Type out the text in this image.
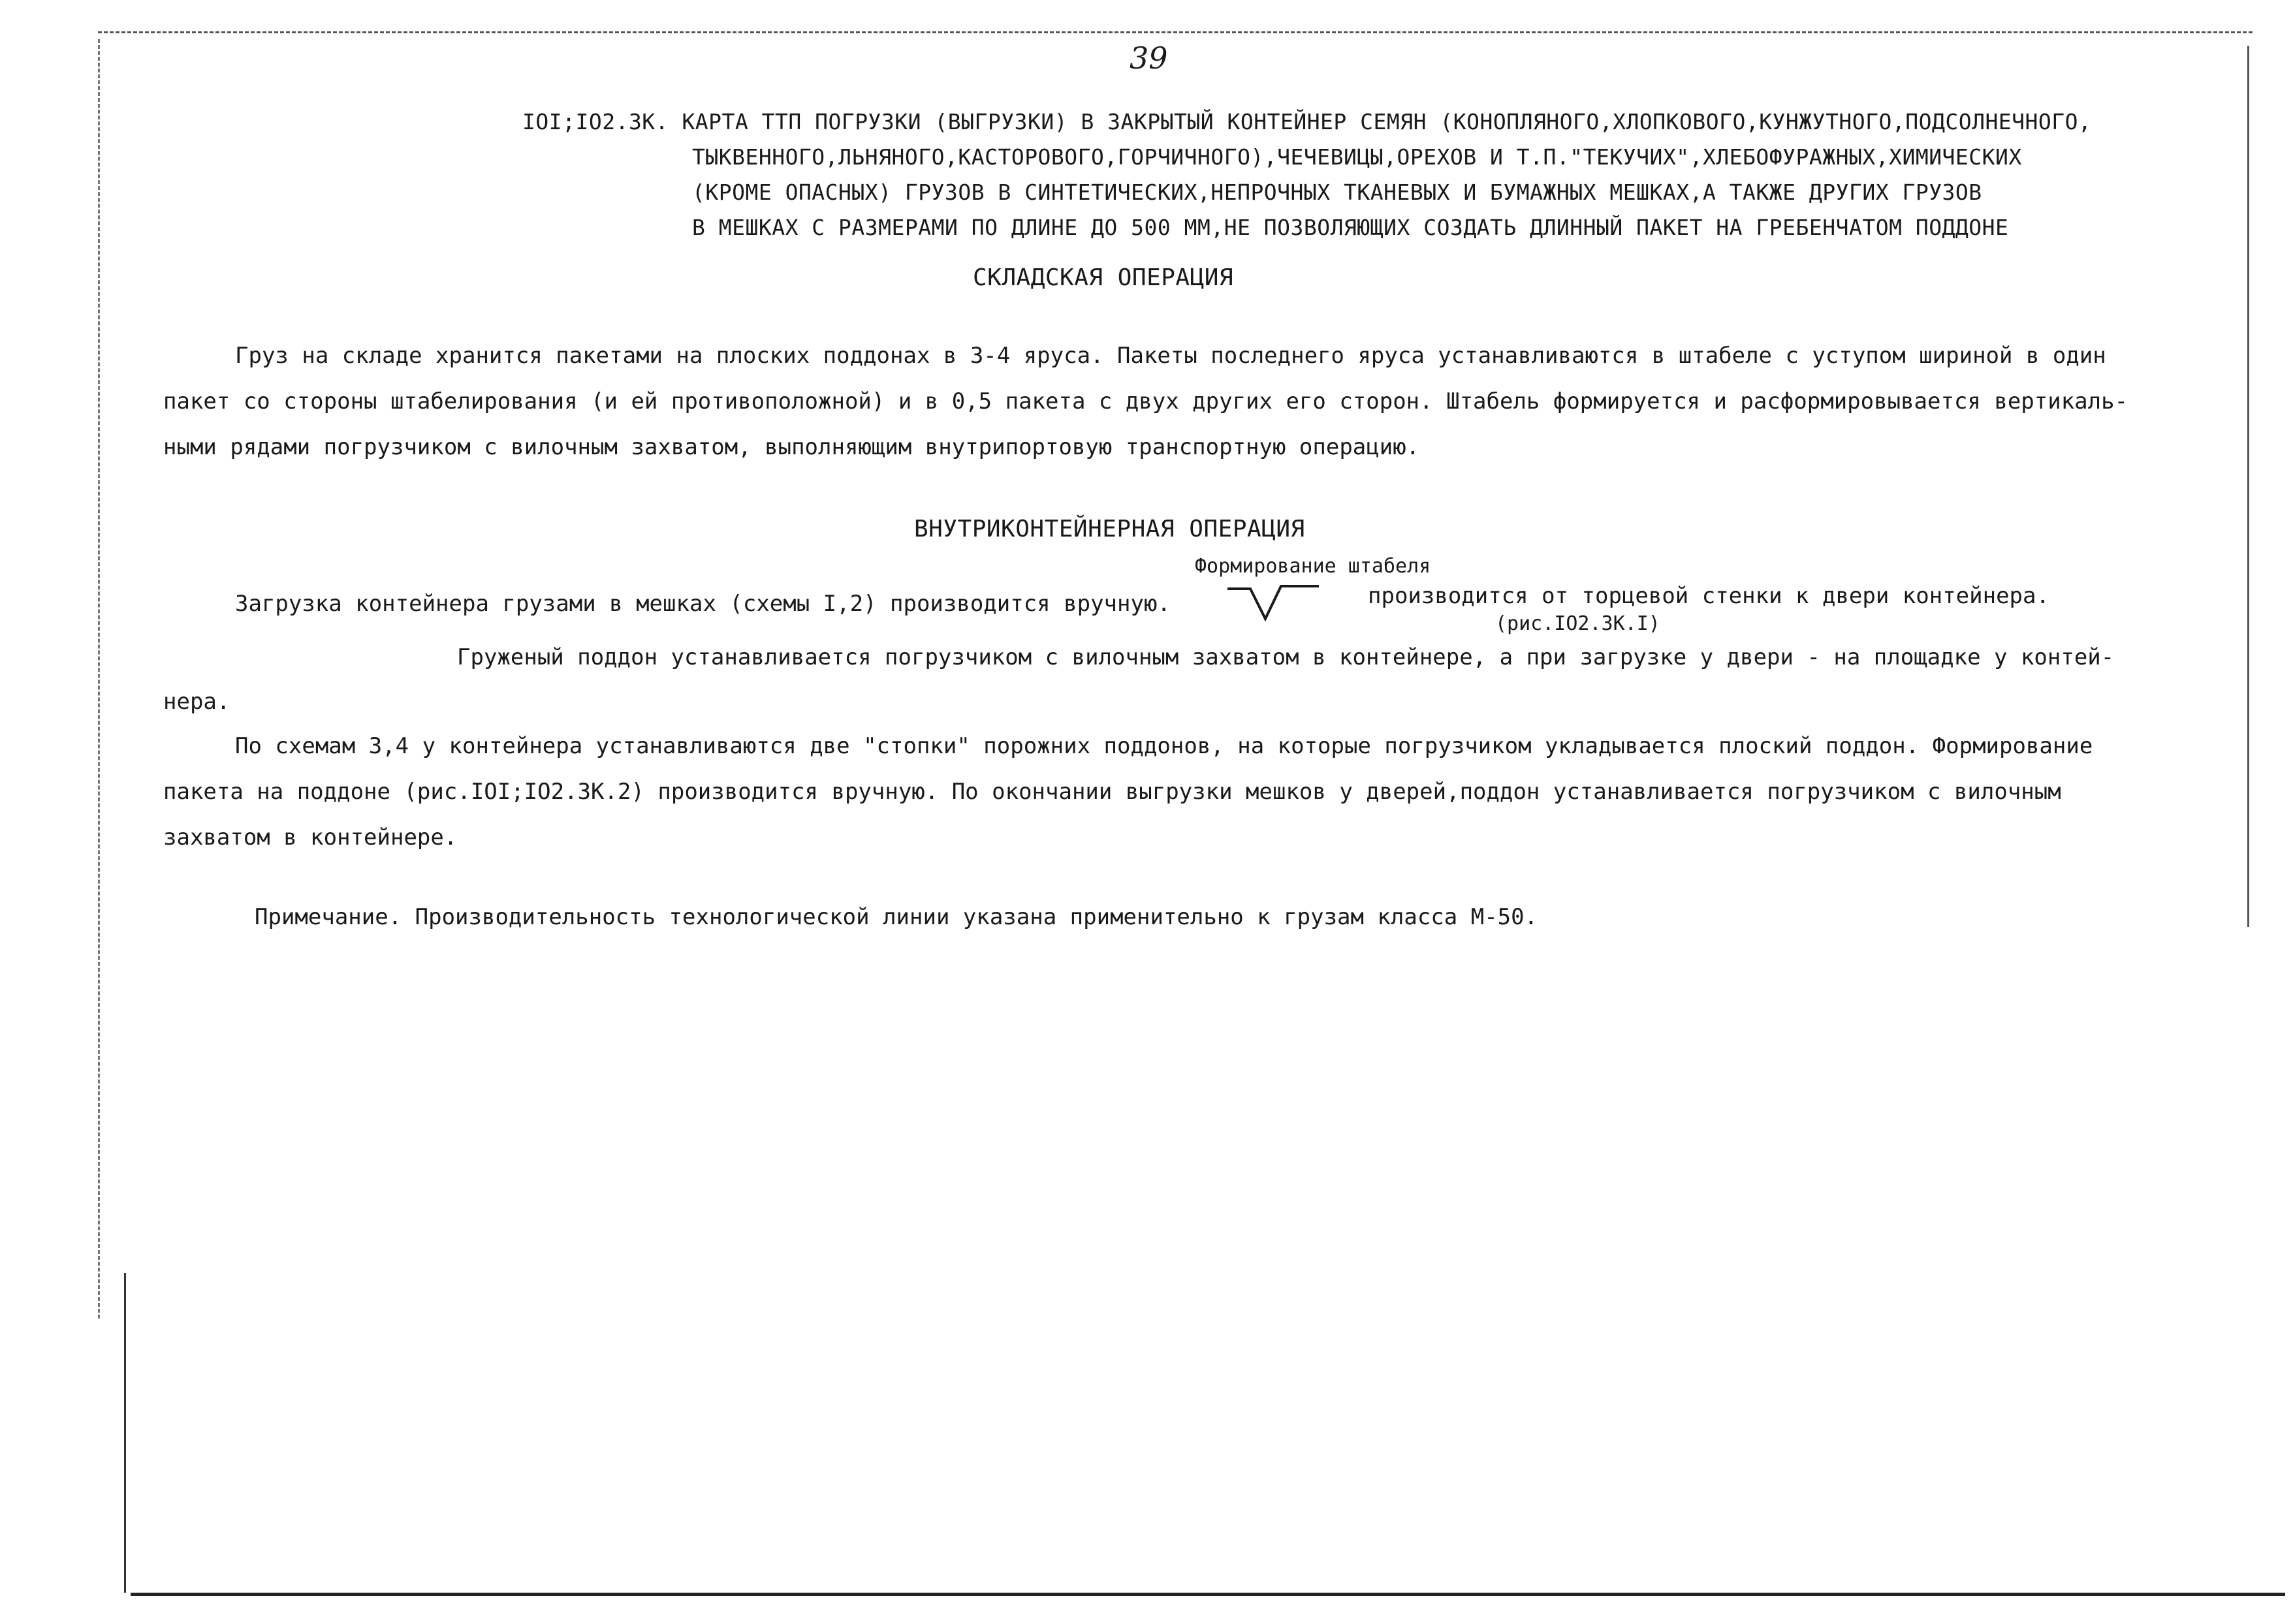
39
IOI;IO2.3К. КАРТА ТТП ПОГРУЗКИ (ВЫГРУЗКИ) В ЗАКРЫТЫЙ КОНТЕЙНЕР СЕМЯН (КОНОПЛЯНОГО,ХЛОПКОВОГО,КУНЖУТНОГО,ПОДСОЛНЕЧНОГО,
ТЫКВЕННОГО,ЛЬНЯНОГО,КАСТОРОВОГО,ГОРЧИЧНОГО),ЧЕЧЕВИЦЫ,ОРЕХОВ И Т.П."ТЕКУЧИХ",ХЛЕБОФУРАЖНЫХ,ХИМИЧЕСКИХ
(КРОМЕ ОПАСНЫХ) ГРУЗОВ В СИНТЕТИЧЕСКИХ,НЕПРОЧНЫХ ТКАНЕВЫХ И БУМАЖНЫХ МЕШКАХ,А ТАКЖЕ ДРУГИХ ГРУЗОВ
В МЕШКАХ С РАЗМЕРАМИ ПО ДЛИНЕ ДО 500 ММ,НЕ ПОЗВОЛЯЮЩИХ СОЗДАТЬ ДЛИННЫЙ ПАКЕТ НА ГРЕБЕНЧАТОМ ПОДДОНЕ
СКЛАДСКАЯ ОПЕРАЦИЯ
Груз на складе хранится пакетами на плоских поддонах в 3-4 яруса. Пакеты последнего яруса устанавливаются в штабеле с уступом шириной в один
пакет со стороны штабелирования (и ей противоположной) и в 0,5 пакета с двух других его сторон. Штабель формируется и расформировывается вертикаль-
ными рядами погрузчиком с вилочным захватом, выполняющим внутрипортовую транспортную операцию.
ВНУТРИКОНТЕЙНЕРНАЯ ОПЕРАЦИЯ
Формирование штабеля
Загрузка контейнера грузами в мешках (схемы I,2) производится вручную.	производится от торцевой стенки к двери контейнера.
(рис.IO2.3К.I)
Груженый поддон устанавливается погрузчиком с вилочным захватом в контейнере, а при загрузке у двери - на площадке у контей-
нера.
По схемам 3,4 у контейнера устанавливаются две "стопки" порожних поддонов, на которые погрузчиком укладывается плоский поддон. Формирование
пакета на поддоне (рис.IOI;IO2.3К.2) производится вручную. По окончании выгрузки мешков у дверей,поддон устанавливается погрузчиком с вилочным
захватом в контейнере.
Примечание. Производительность технологической линии указана применительно к грузам класса М-50.
